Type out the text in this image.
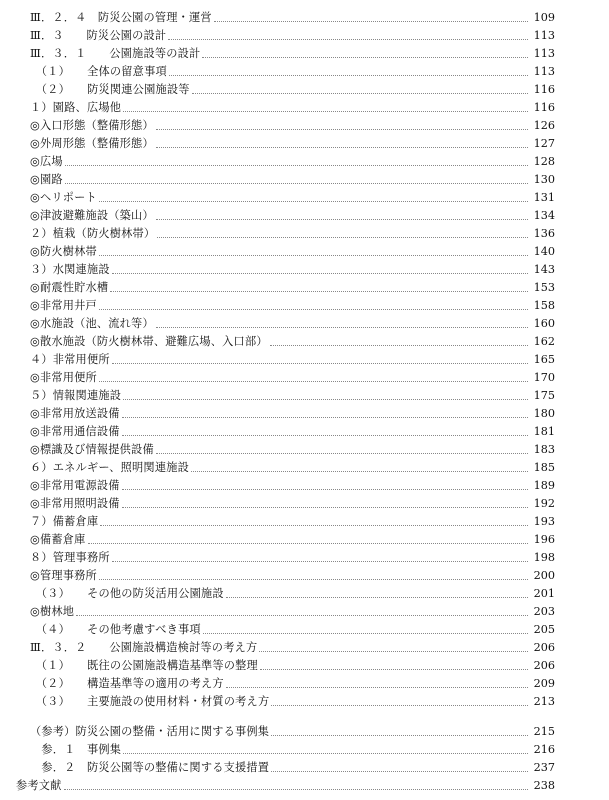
Ⅲ．２．４　防災公園の管理・運営	109
Ⅲ．３　　防災公園の設計	113
Ⅲ．３．１　　公園施設等の設計	113
　（１）　　全体の留意事項	113
　（２）　　防災関連公園施設等	116
１）園路、広場他	116
◎入口形態（整備形態）	126
◎外周形態（整備形態）	127
◎広場	128
◎園路	130
◎ヘリポート	131
◎津波避難施設（築山）	134
２）植栽（防火樹林帯）	136
◎防火樹林帯	140
３）水関連施設	143
◎耐震性貯水槽	153
◎非常用井戸	158
◎水施設（池、流れ等）	160
◎散水施設（防火樹林帯、避難広場、入口部）	162
４）非常用便所	165
◎非常用便所	170
５）情報関連施設	175
◎非常用放送設備	180
◎非常用通信設備	181
◎標識及び情報提供設備	183
６）エネルギー、照明関連施設	185
◎非常用電源設備	189
◎非常用照明設備	192
７）備蓄倉庫	193
◎備蓄倉庫	196
８）管理事務所	198
◎管理事務所	200
　（３）　　その他の防災活用公園施設	201
◎樹林地	203
　（４）　　その他考慮すべき事項	205
Ⅲ．３．２　　公園施設構造検討等の考え方	206
　（１）　　既往の公園施設構造基準等の整理	206
　（２）　　構造基準等の適用の考え方	209
　（３）　　主要施設の使用材料・材質の考え方	213
（参考）防災公園の整備・活用に関する事例集	215
　参．１　事例集	216
　参．２　防災公園等の整備に関する支援措置	237
参考文献	238
